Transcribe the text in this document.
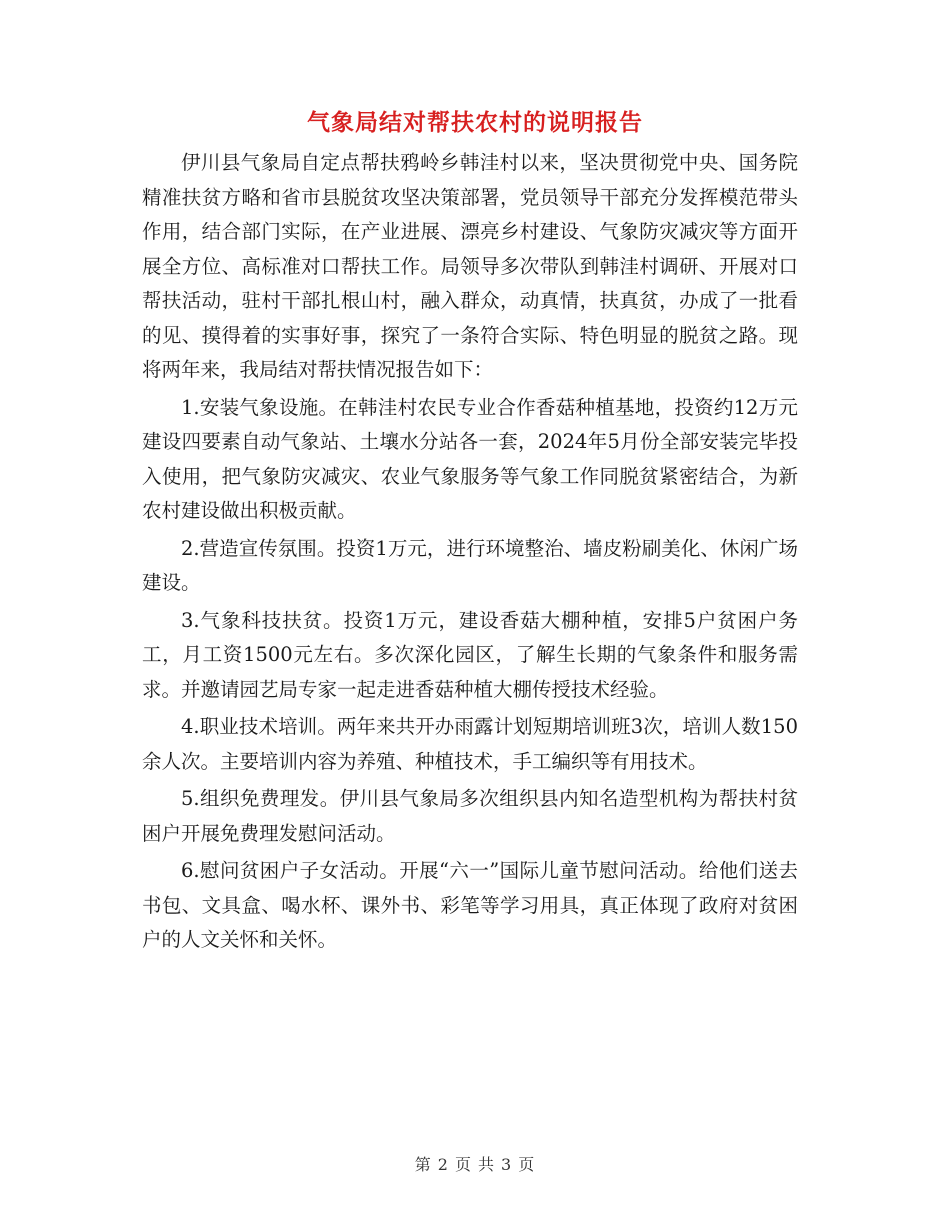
气象局结对帮扶农村的说明报告

伊川县气象局自定点帮扶鸦岭乡韩洼村以来，坚决贯彻党中央、国务院精准扶贫方略和省市县脱贫攻坚决策部署，党员领导干部充分发挥模范带头作用，结合部门实际，在产业进展、漂亮乡村建设、气象防灾减灾等方面开展全方位、高标准对口帮扶工作。局领导多次带队到韩洼村调研、开展对口帮扶活动，驻村干部扎根山村，融入群众，动真情，扶真贫，办成了一批看的见、摸得着的实事好事，探究了一条符合实际、特色明显的脱贫之路。现将两年来，我局结对帮扶情况报告如下：

1.安装气象设施。在韩洼村农民专业合作香菇种植基地，投资约12万元建设四要素自动气象站、土壤水分站各一套，2024年5月份全部安装完毕投入使用，把气象防灾减灾、农业气象服务等气象工作同脱贫紧密结合，为新农村建设做出积极贡献。

2.营造宣传氛围。投资1万元，进行环境整治、墙皮粉刷美化、休闲广场建设。

3.气象科技扶贫。投资1万元，建设香菇大棚种植，安排5户贫困户务工，月工资1500元左右。多次深化园区，了解生长期的气象条件和服务需求。并邀请园艺局专家一起走进香菇种植大棚传授技术经验。

4.职业技术培训。两年来共开办雨露计划短期培训班3次，培训人数150余人次。主要培训内容为养殖、种植技术，手工编织等有用技术。

5.组织免费理发。伊川县气象局多次组织县内知名造型机构为帮扶村贫困户开展免费理发慰问活动。

6.慰问贫困户子女活动。开展“六一”国际儿童节慰问活动。给他们送去书包、文具盒、喝水杯、课外书、彩笔等学习用具，真正体现了政府对贫困户的人文关怀和关怀。

第 2 页 共 3 页
